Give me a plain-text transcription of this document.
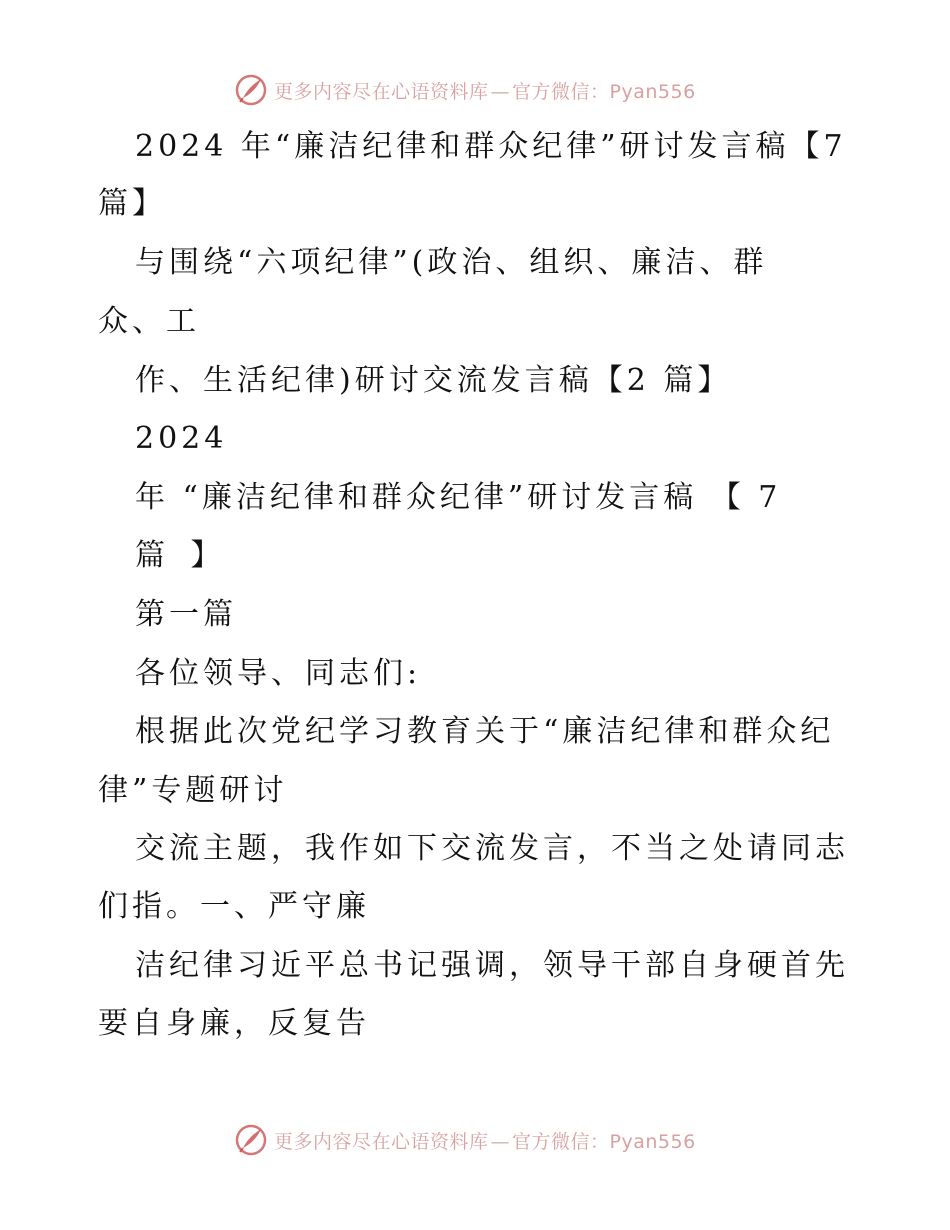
更多内容尽在心语资料库 — 官方微信：Pyan556
2024 年“廉洁纪律和群众纪律”研讨发言稿【7
篇】
与围绕“六项纪律”(政治、组织、廉洁、群
众、工
作、生活纪律)研讨交流发言稿【2 篇】
2024
年 “廉洁纪律和群众纪律”研讨发言稿 【 7
篇 】
第一篇
各位领导、同志们:
根据此次党纪学习教育关于“廉洁纪律和群众纪
律”专题研讨
交流主题，我作如下交流发言，不当之处请同志
们指。一、严守廉
洁纪律习近平总书记强调，领导干部自身硬首先
要自身廉，反复告
更多内容尽在心语资料库 — 官方微信：Pyan556
